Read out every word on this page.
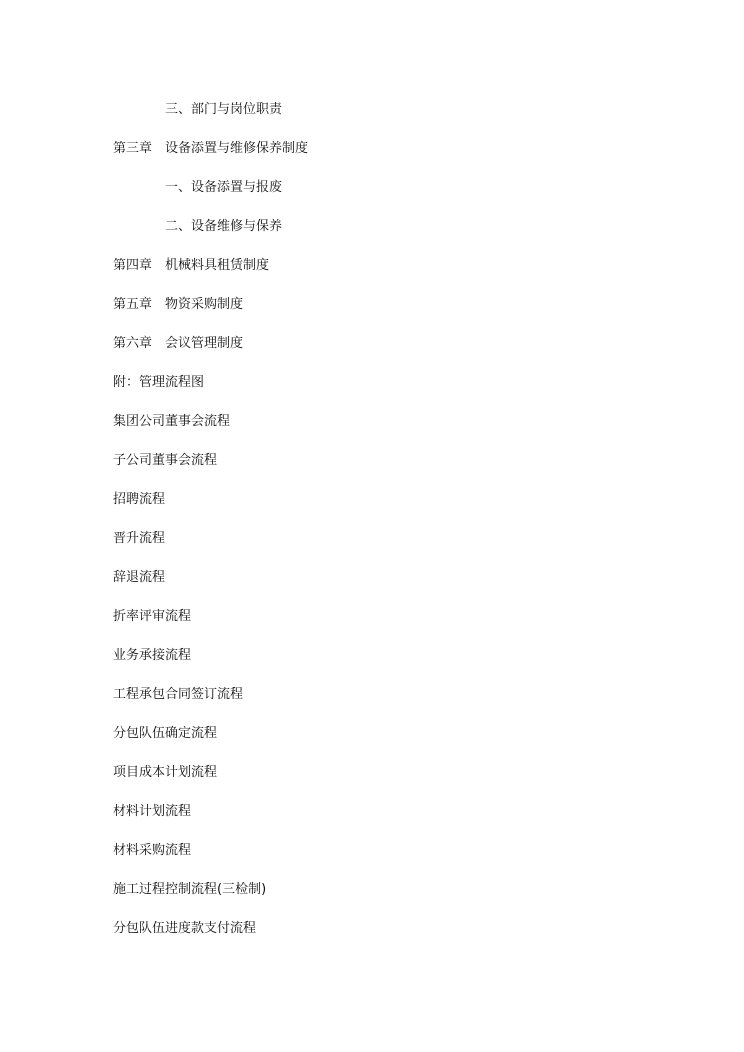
三、部门与岗位职责
第三章 设备添置与维修保养制度
一、设备添置与报废
二、设备维修与保养
第四章 机械料具租赁制度
第五章 物资采购制度
第六章 会议管理制度
附：管理流程图
集团公司董事会流程
子公司董事会流程
招聘流程
晋升流程
辞退流程
折率评审流程
业务承接流程
工程承包合同签订流程
分包队伍确定流程
项目成本计划流程
材料计划流程
材料采购流程
施工过程控制流程(三检制)
分包队伍进度款支付流程
